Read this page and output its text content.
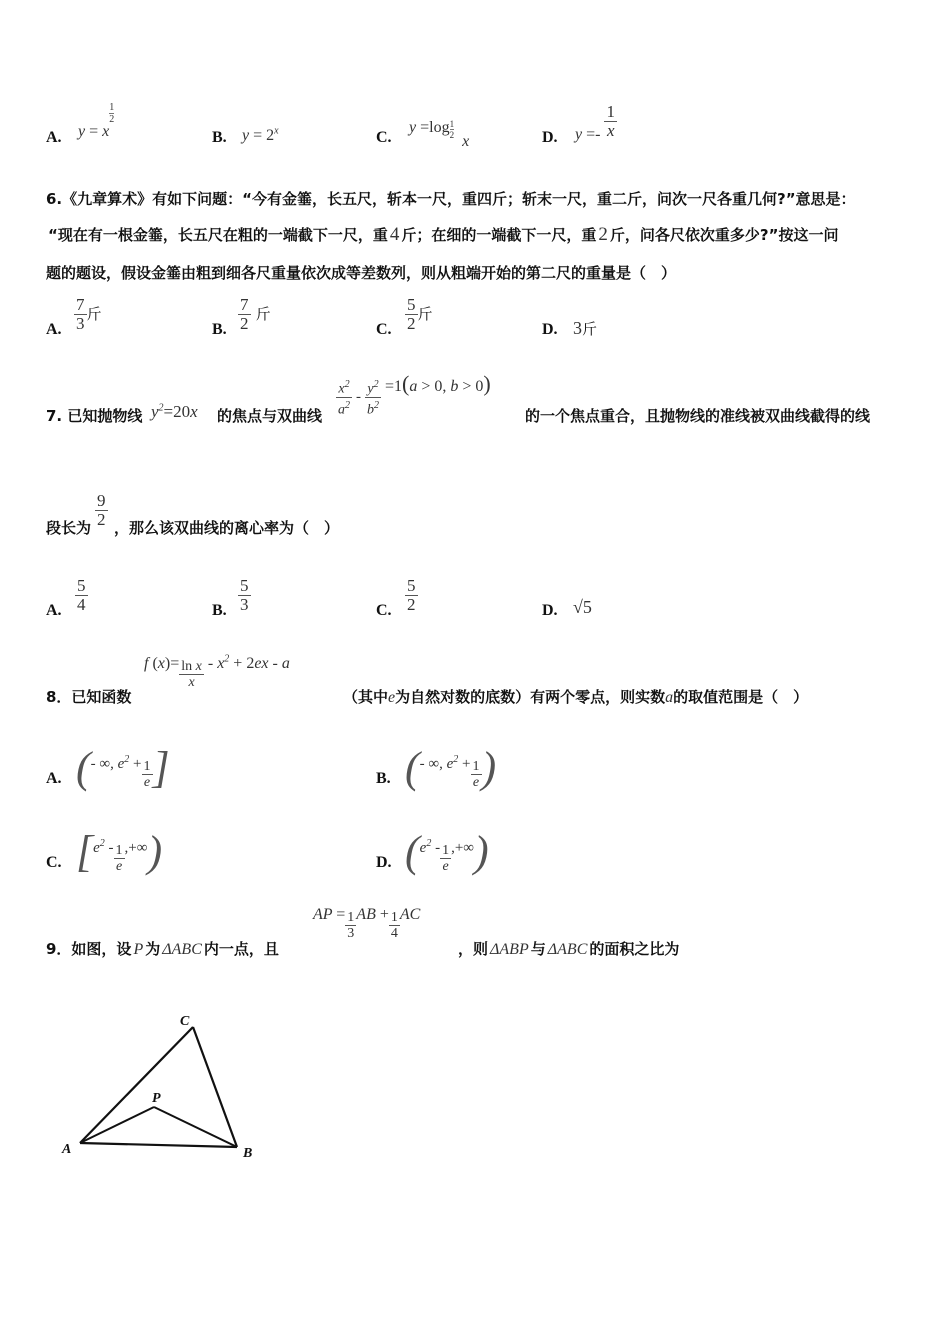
A. y = x
$\frac{1}{2}$
B. $y = 2^x$	C.
$y =\log \frac{1}{2}$
x	D. $y =- \frac{1}{x}$
6.《九章算术》有如下问题：“今有金箠，长五尺，斩本一尺，重四斤；斩末一尺，重二斤，问次一尺各重几何?”意思是：
“现在有一根金箠，长五尺在粗的一端截下一尺，重 4 斤；在细的一端截下一尺，重 2 斤，问各尺依次重多少?”按这一问
题的题设，假设金箠由粗到细各尺重量依次成等差数列，则从粗端开始的第二尺的重量是（　）
A. $\frac{7}{3}$ 斤
B. $\frac{7}{2}$ 斤
C. $\frac{5}{2}$ 斤
D. 3斤
7. 已知抛物线 $y^2=20x$ 的焦点与双曲线 $\frac{x^2}{a^2} - \frac{y^2}{b^2} =1(a > 0$, b > 0)
的一个焦点重合，且抛物线的准线被双曲线截得的线
段长为 $\frac{9}{2}$ ，那么该双曲线的离心率为（　）
A. $\frac{5}{4}$	B. $\frac{5}{3}$	C. $\frac{5}{2}$	D. √5
8．已知函数
f $(x)= \frac{\text{ln x}}{x} - x^2 + 2ex - a$
（其中e为自然对数的底数）有两个零点，则实数a的取值范围是（　）
A. (- ∞, $e^2 + \frac{1}{e}$ ]	B. (- ∞, $e^2 + \frac{1}{e}$ )
C. [$e^2 - \frac{1}{e}$ ,+∞)	D. ($e^2 - \frac{1}{e}$ ,+∞)
9．如图，设 P 为 ΔABC 内一点，且
AP = $\frac{1}{3}$ AB + $\frac{1}{4}$ AC
，则 ΔABP 与 ΔABC 的面积之比为
C
P
A	B
